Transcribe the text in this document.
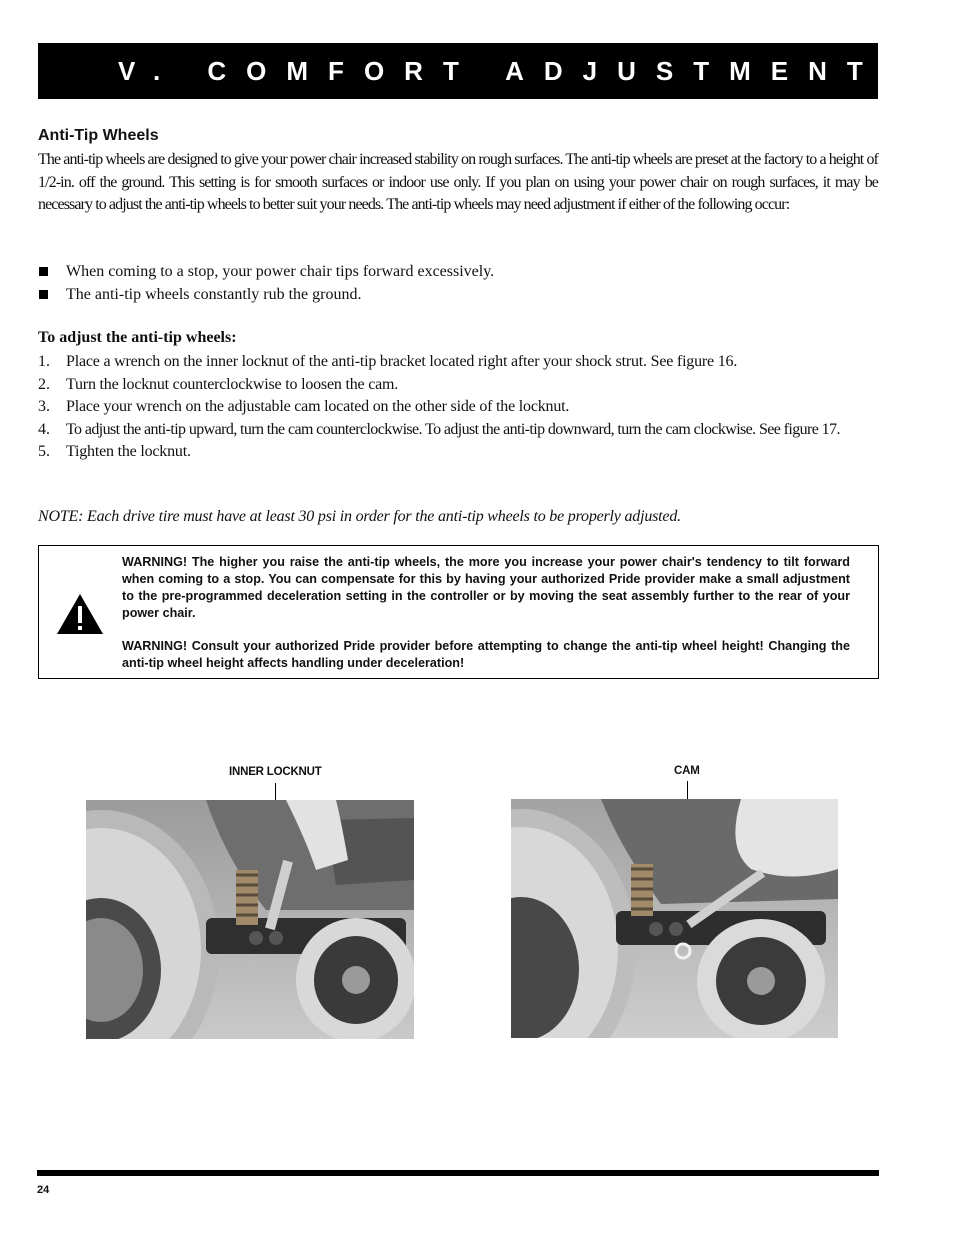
V. COMFORT ADJUSTMENTS
Anti-Tip Wheels

The anti-tip wheels are designed to give your power chair increased stability on rough surfaces. The anti-tip wheels are preset at the factory to a height of 1/2-in. off the ground. This setting is for smooth surfaces or indoor use only. If you plan on using your power chair on rough surfaces, it may be necessary to adjust the anti-tip wheels to better suit your needs. The anti-tip wheels may need adjustment if either of the following occur:

When coming to a stop, your power chair tips forward excessively.
The anti-tip wheels constantly rub the ground.
To adjust the anti-tip wheels:
1. Place a wrench on the inner locknut of the anti-tip bracket located right after your shock strut. See figure 16.
2. Turn the locknut counterclockwise to loosen the cam.
3. Place your wrench on the adjustable cam located on the other side of the locknut.
4. To adjust the anti-tip upward, turn the cam counterclockwise. To adjust the anti-tip downward, turn the cam clockwise. See figure 17.
5. Tighten the locknut.
NOTE: Each drive tire must have at least 30 psi in order for the anti-tip wheels to be properly adjusted.

WARNING! The higher you raise the anti-tip wheels, the more you increase your power chair's tendency to tilt forward when coming to a stop. You can compensate for this by having your authorized Pride provider make a small adjustment to the pre-programmed deceleration setting in the controller or by moving the seat assembly further to the rear of your power chair.

WARNING! Consult your authorized Pride provider before attempting to change the anti-tip wheel height! Changing the anti-tip wheel height affects handling under deceleration!

INNER LOCKNUT	CAM
24
